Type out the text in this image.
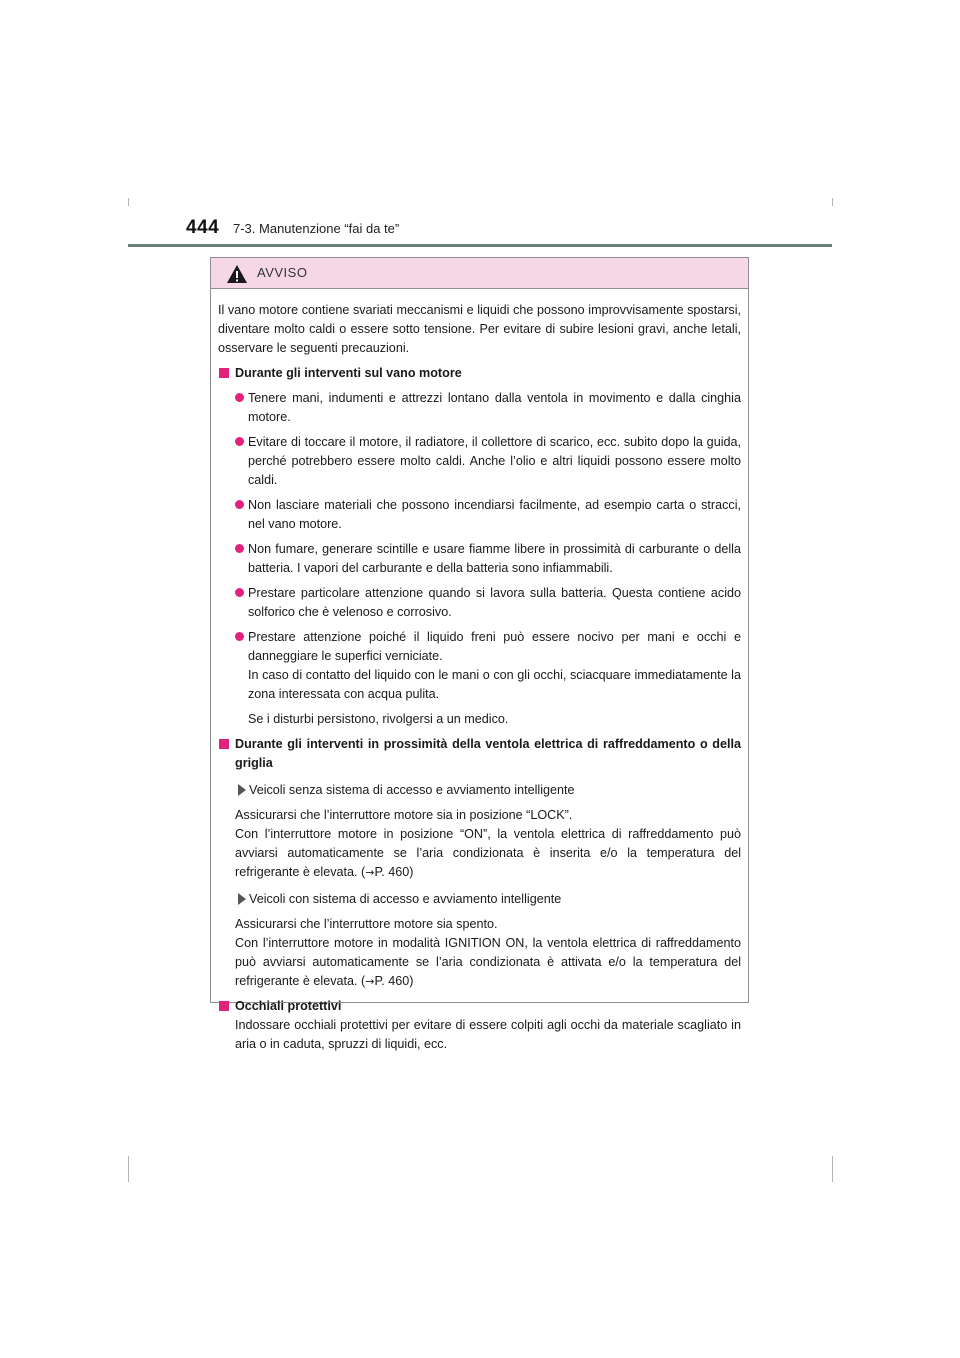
444 7-3. Manutenzione “fai da te”
AVVISO

Il vano motore contiene svariati meccanismi e liquidi che possono improvvisamente spostarsi, diventare molto caldi o essere sotto tensione. Per evitare di subire lesioni gravi, anche letali, osservare le seguenti precauzioni.

Durante gli interventi sul vano motore
Tenere mani, indumenti e attrezzi lontano dalla ventola in movimento e dalla cinghia motore.
Evitare di toccare il motore, il radiatore, il collettore di scarico, ecc. subito dopo la guida, perché potrebbero essere molto caldi. Anche l’olio e altri liquidi possono essere molto caldi.
Non lasciare materiali che possono incendiarsi facilmente, ad esempio carta o stracci, nel vano motore.
Non fumare, generare scintille e usare fiamme libere in prossimità di carburante o della batteria. I vapori del carburante e della batteria sono infiammabili.
Prestare particolare attenzione quando si lavora sulla batteria. Questa contiene acido solforico che è velenoso e corrosivo.
Prestare attenzione poiché il liquido freni può essere nocivo per mani e occhi e danneggiare le superfici verniciate.
In caso di contatto del liquido con le mani o con gli occhi, sciacquare immediatamente la zona interessata con acqua pulita.
Se i disturbi persistono, rivolgersi a un medico.
Durante gli interventi in prossimità della ventola elettrica di raffreddamento o della griglia
Veicoli senza sistema di accesso e avviamento intelligente
Assicurarsi che l’interruttore motore sia in posizione “LOCK”.
Con l’interruttore motore in posizione “ON”, la ventola elettrica di raffreddamento può avviarsi automaticamente se l’aria condizionata è inserita e/o la temperatura del refrigerante è elevata. (→P. 460)
Veicoli con sistema di accesso e avviamento intelligente
Assicurarsi che l’interruttore motore sia spento.
Con l’interruttore motore in modalità IGNITION ON, la ventola elettrica di raffreddamento può avviarsi automaticamente se l’aria condizionata è attivata e/o la temperatura del refrigerante è elevata. (→P. 460)
Occhiali protettivi
Indossare occhiali protettivi per evitare di essere colpiti agli occhi da materiale scagliato in aria o in caduta, spruzzi di liquidi, ecc.
